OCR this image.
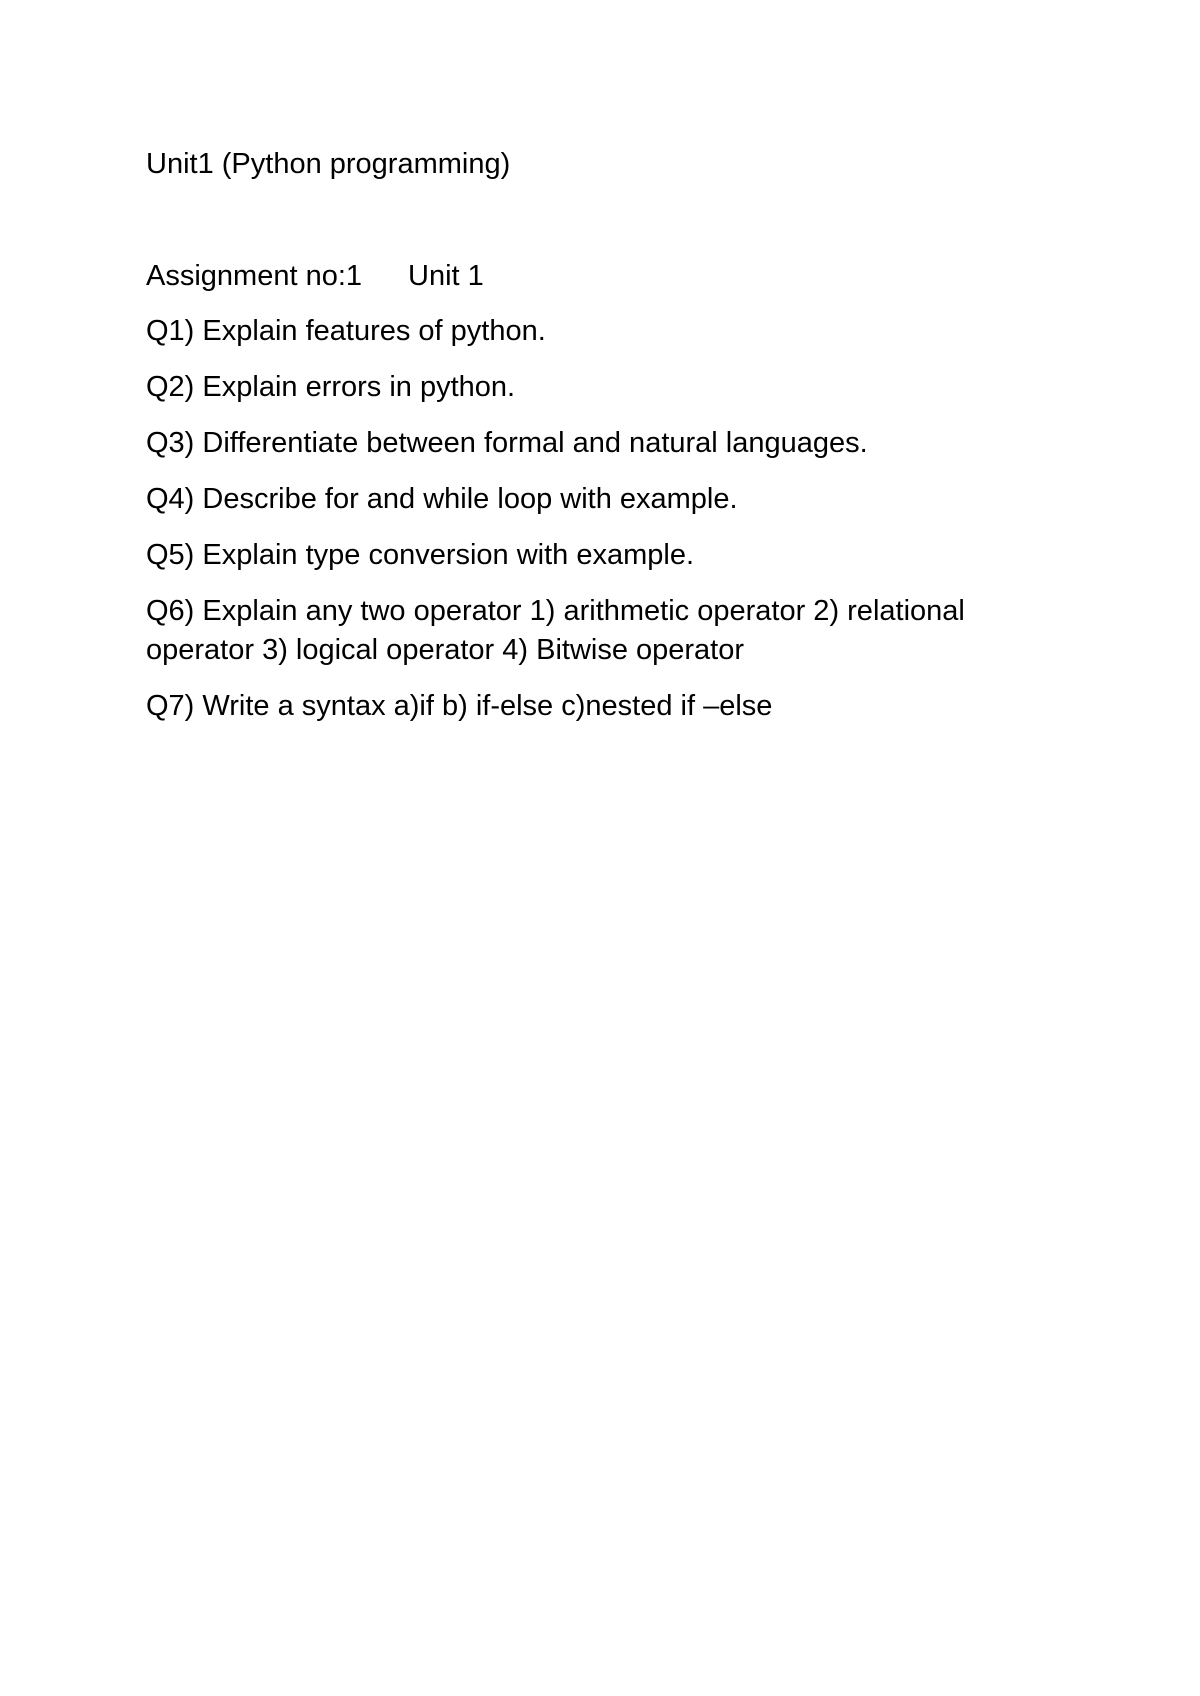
Unit1 (Python programming)

Assignment no:1 Unit 1

Q1) Explain features of python.
Q2) Explain errors in python.
Q3) Differentiate between formal and natural languages.
Q4) Describe for and while loop with example.
Q5) Explain type conversion with example.
Q6) Explain any two operator 1) arithmetic operator 2) relational operator 3) logical operator 4) Bitwise operator
Q7) Write a syntax a)if b) if-else c)nested if –else
